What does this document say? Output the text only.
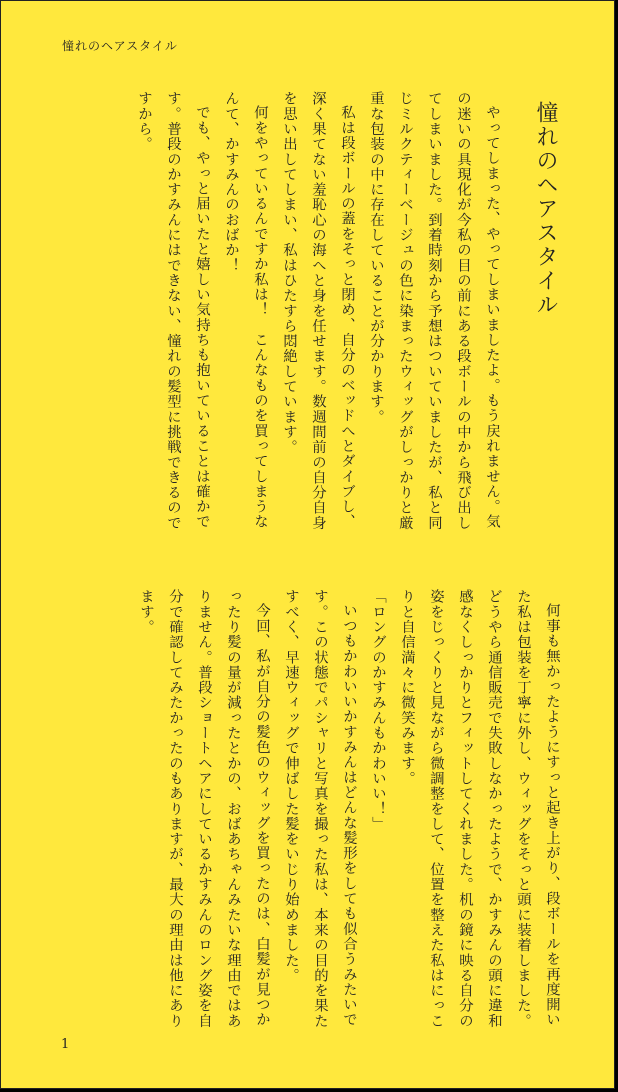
憧れのヘアスタイル
憧れのヘアスタイル

やってしまった、やってしまいましたよ。もう戻れません。気の迷いの具現化が今私の目の前にある段ボールの中から飛び出してしまいました。到着時刻から予想はついていましたが、私と同じミルクティーベージュの色に染まったウィッグがしっかりと厳重な包装の中に存在していることが分かります。

私は段ボールの蓋をそっと閉め、自分のベッドへとダイブし、深く果てない羞恥心の海へと身を任せます。数週間前の自分自身を思い出してしまい、私はひたすら悶絶しています。

何をやっているんですか私は！　こんなものを買ってしまうなんて、かすみんのおばか！

でも、やっと届いたと嬉しい気持ちも抱いていることは確かです。普段のかすみんにはできない、憧れの髪型に挑戦できるのですから。

何事も無かったようにすっと起き上がり、段ボールを再度開いた私は包装を丁寧に外し、ウィッグをそっと頭に装着しました。どうやら通信販売で失敗しなかったようで、かすみんの頭に違和感なくしっかりとフィットしてくれました。机の鏡に映る自分の姿をじっくりと見ながら微調整をして、位置を整えた私はにっこりと自信満々に微笑みます。

「ロングのかすみんもかわいい！」

いつもかわいいかすみんはどんな髪形をしても似合うみたいです。この状態でパシャリと写真を撮った私は、本来の目的を果たすべく、早速ウィッグで伸ばした髪をいじり始めました。

今回、私が自分の髪色のウィッグを買ったのは、白髪が見つかったり髪の量が減ったとかの、おばあちゃんみたいな理由ではありません。普段ショートヘアにしているかすみんのロング姿を自分で確認してみたかったのもありますが、最大の理由は他にあります。

1
